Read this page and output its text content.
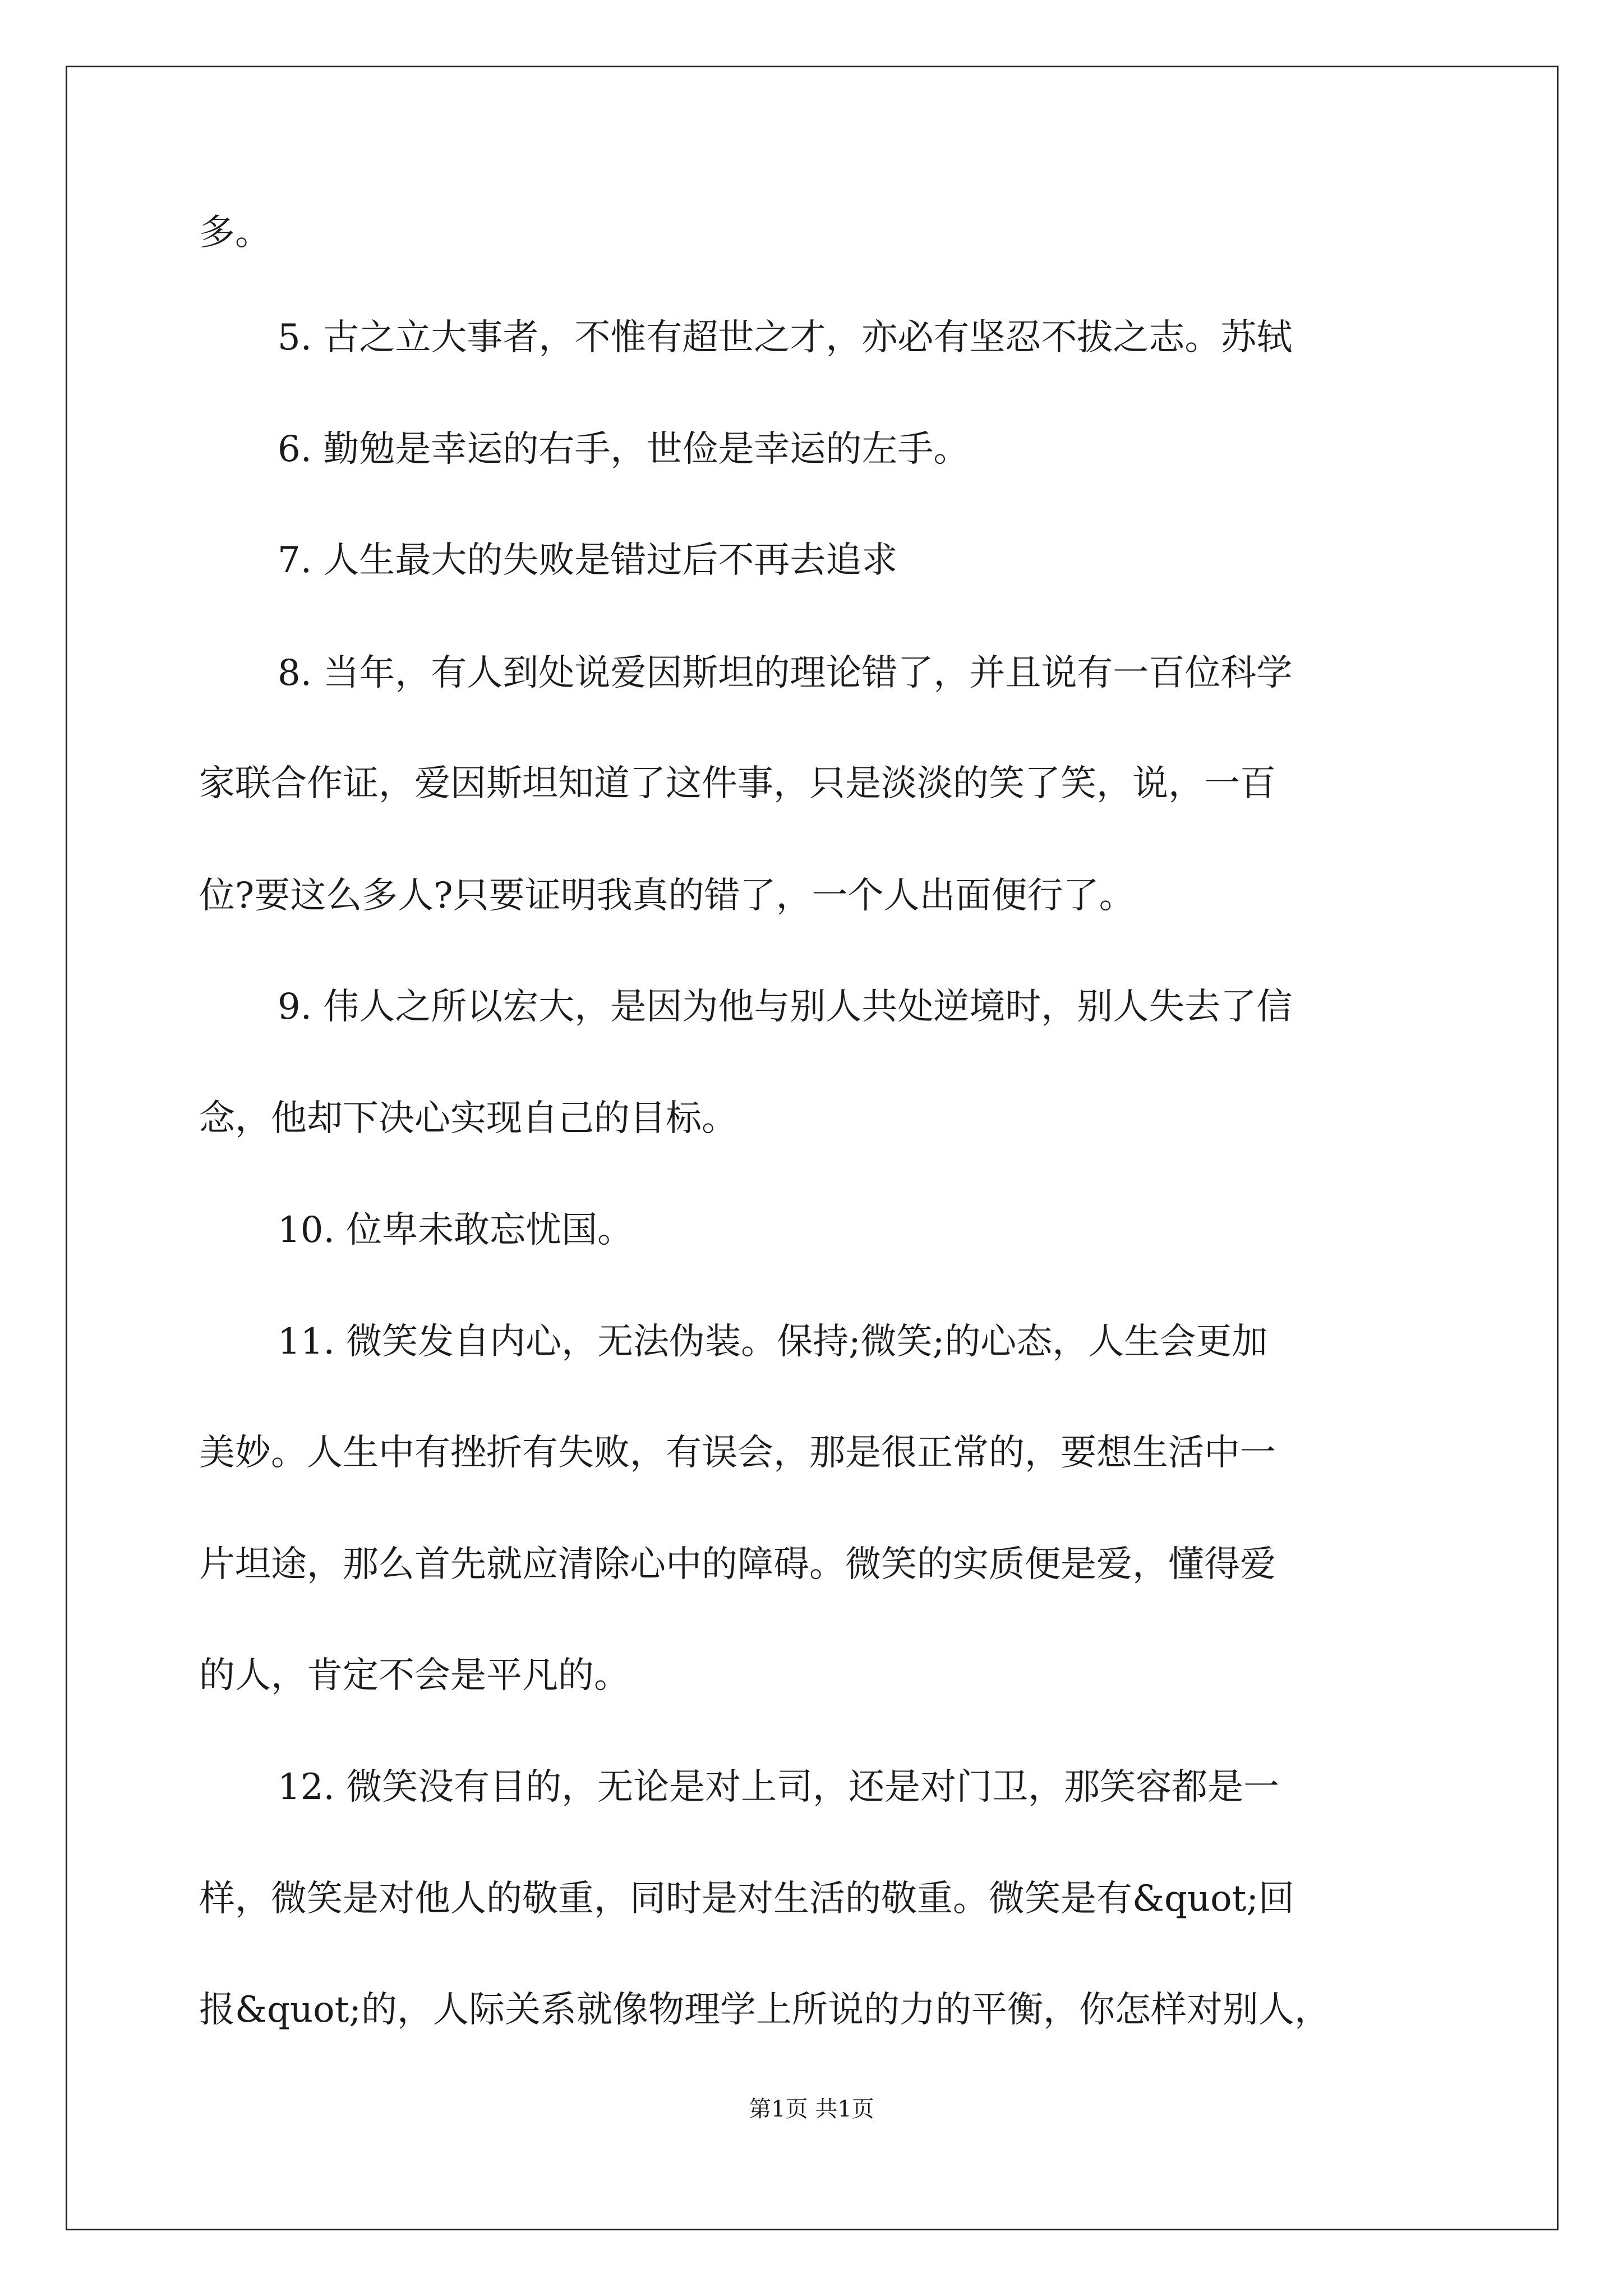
多。
5. 古之立大事者，不惟有超世之才，亦必有坚忍不拔之志。苏轼
6. 勤勉是幸运的右手，世俭是幸运的左手。
7. 人生最大的失败是错过后不再去追求
8. 当年，有人到处说爱因斯坦的理论错了，并且说有一百位科学
家联合作证，爱因斯坦知道了这件事，只是淡淡的笑了笑，说，一百
位?要这么多人?只要证明我真的错了，一个人出面便行了。
9. 伟人之所以宏大，是因为他与别人共处逆境时，别人失去了信
念，他却下决心实现自己的目标。
10. 位卑未敢忘忧国。
11. 微笑发自内心，无法伪装。保持;微笑;的心态，人生会更加
美妙。人生中有挫折有失败，有误会，那是很正常的，要想生活中一
片坦途，那么首先就应清除心中的障碍。微笑的实质便是爱，懂得爱
的人，肯定不会是平凡的。
12. 微笑没有目的，无论是对上司，还是对门卫，那笑容都是一
样，微笑是对他人的敬重，同时是对生活的敬重。微笑是有&quot;回
报&quot;的，人际关系就像物理学上所说的力的平衡，你怎样对别人，
第1页 共1页
